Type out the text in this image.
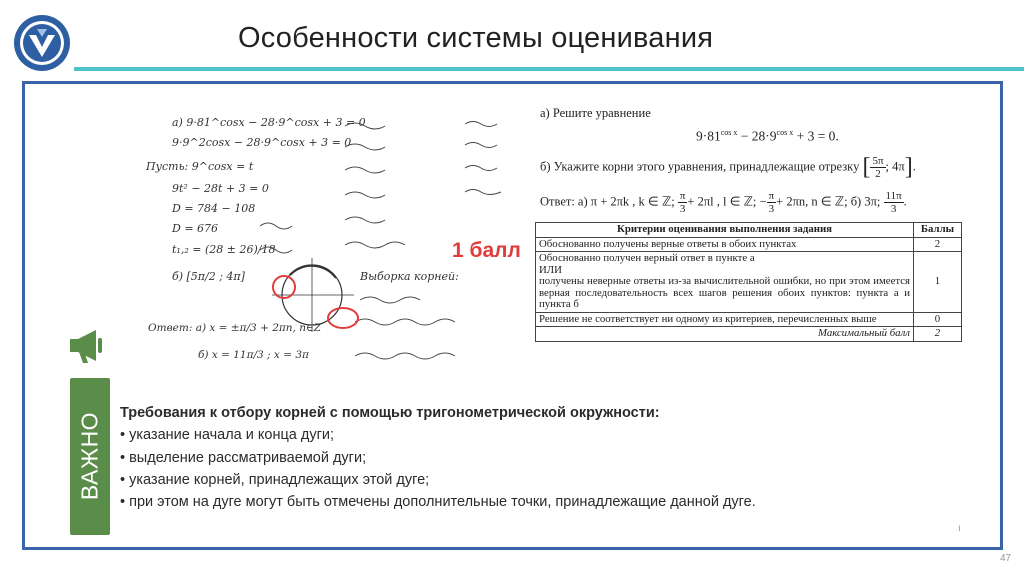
Особенности системы оценивания
а) 9·81^cosx − 28·9^cosx + 3 = 0
9·9^2cosx − 28·9^cosx + 3 = 0
Пусть: 9^cosx = t
9t² − 28t + 3 = 0
D = 784 − 108
D = 676
t₁,₂ = (28 ± 26)/18
б) [5π/2 ; 4π]	Выборка корней:
Ответ: а) x = ±π/3 + 2πn, n∈Z
б) x = 11π/3 ; x = 3π
1 балл
а) Решите уравнение
$9\cdot 81^{cos x} - 28\cdot 9^{cos x} + 3 = 0$.
б) Укажите корни этого уравнения, принадлежащие отрезку [ $\frac{5\pi}{2}$ ; 4π].
Ответ: а) π + 2πk , k ∈ ℤ; $\frac{\pi}{3} + 2\pi l$ , l ∈ ℤ; − $\frac{\pi}{3} + 2\pi n$, n ∈ ℤ; б) 3π; $\frac{11\pi}{3}$ .
Критерии оценивания выполнения задания	Баллы
Обоснованно получены верные ответы в обоих пунктах	2

Обоснованно получен верный ответ в пункте а
ИЛИ
получены неверные ответы из-за вычислительной ошибки, но при этом имеется верная последовательность всех шагов решения обоих пунктов: пункта а и пункта б	1
Решение не соответствует ни одному из критериев, перечисленных выше	0
Максимальный балл	2
ВАЖНО Требования к отбору корней с помощью тригонометрической окружности:
• указание начала и конца дуги;
• выделение рассматриваемой дуги;
• указание корней, принадлежащих этой дуге;
• при этом на дуге могут быть отмечены дополнительные точки, принадлежащие данной дуге.
ı
47
